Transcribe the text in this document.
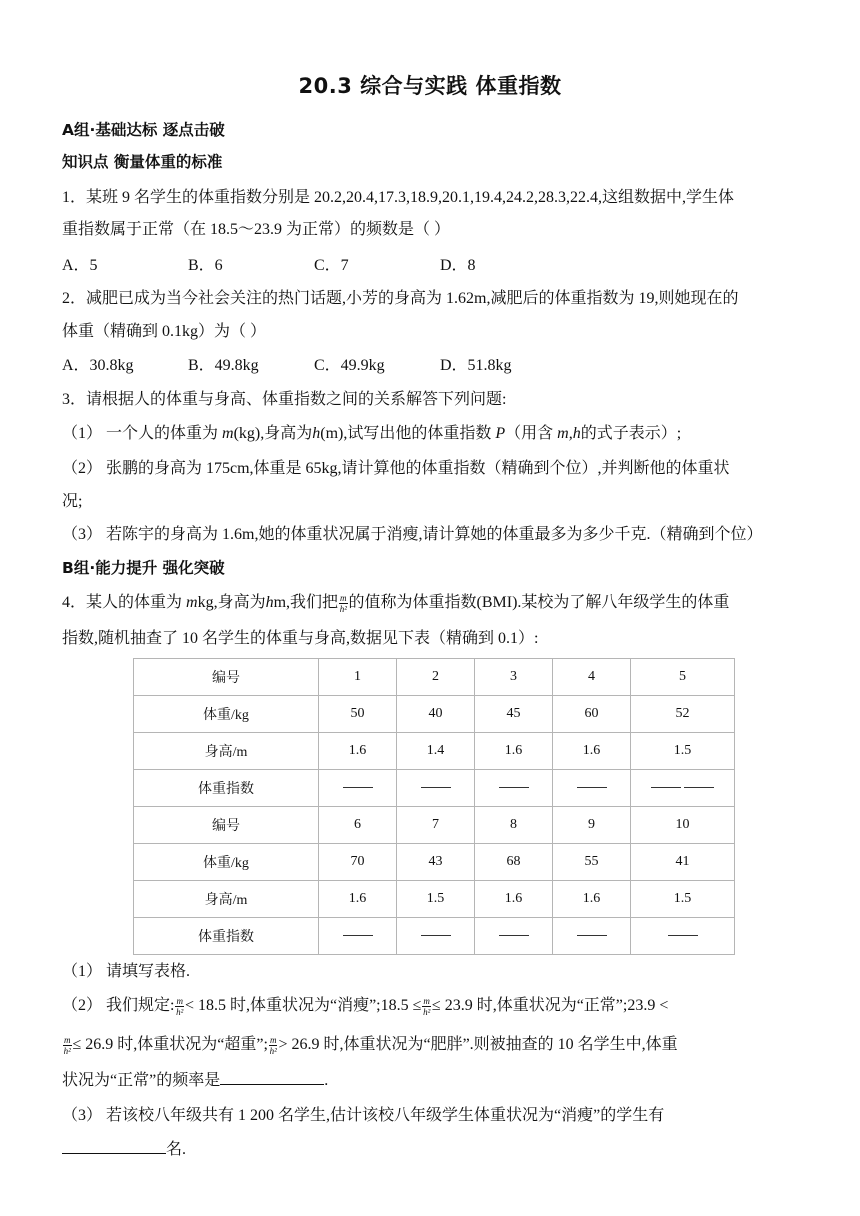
20.3 综合与实践 体重指数
A组·基础达标 逐点击破
知识点 衡量体重的标准
1．某班 9 名学生的体重指数分别是 20.2,20.4,17.3,18.9,20.1,19.4,24.2,28.3,22.4,这组数据中,学生体
重指数属于正常（在 18.5～23.9 为正常）的频数是（ ）
A．5	B．6	C．7	D．8
2．减肥已成为当今社会关注的热门话题,小芳的身高为 1.62m,减肥后的体重指数为 19,则她现在的
体重（精确到 0.1kg）为（ ）
A．30.8kg	B．49.8kg	C．49.9kg	D．51.8kg
3．请根据人的体重与身高、体重指数之间的关系解答下列问题:
（1） 一个人的体重为 m(kg),身高为h(m),试写出他的体重指数 P（用含 m,h的式子表示）;
（2） 张鹏的身高为 175cm,体重是 65kg,请计算他的体重指数（精确到个位）,并判断他的体重状
况;
（3） 若陈宇的身高为 1.6m,她的体重状况属于消瘦,请计算她的体重最多为多少千克.（精确到个位）
B组·能力提升 强化突破
4．某人的体重为 mkg,身高为hm,我们把 $\frac{m}{\text{h²}}$ 的值称为体重指数(BMI).某校为了解八年级学生的体重
指数,随机抽查了 10 名学生的体重与身高,数据见下表（精确到 0.1）:
编号	1	2	3	4	5
体重/kg	50	40	45	60	52
身高/m	1.6	1.4	1.6	1.6	1.5
体重指数					
编号	6	7	8	9	10
体重/kg	70	43	68	55	41
身高/m	1.6	1.5	1.6	1.6	1.5
体重指数					
（1） 请填写表格.
（2） 我们规定: $\frac{m}{\text{h²}} < 18.5$ 时,体重状况为“消瘦”;18.5 ≤ $\frac{m}{\text{h²}} \le 23.9$ 时,体重状况为“正常”;23.9 <
$\frac{m}{\text{h²}} \le 26.9$ 时,体重状况为“超重”; $\frac{m}{\text{h²}} > 26.9$ 时,体重状况为“肥胖”.则被抽查的 10 名学生中,体重
状况为“正常”的频率是	.
（3） 若该校八年级共有 1 200 名学生,估计该校八年级学生体重状况为“消瘦”的学生有
名.
